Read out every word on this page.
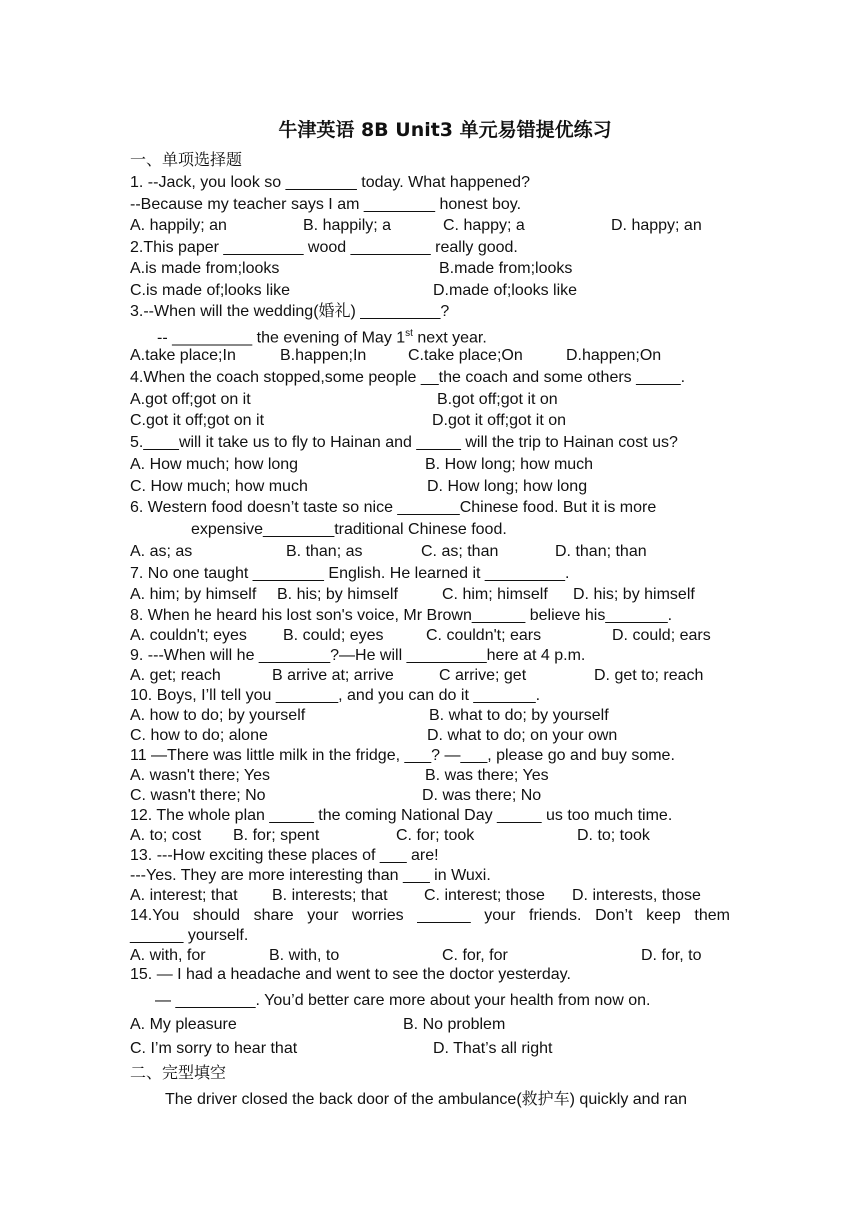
牛津英语 8B Unit3 单元易错提优练习
一、单项选择题
1. --Jack, you look so ________ today. What happened?
--Because my teacher says I am ________ honest boy.
A. happily; an	B. happily; a	C. happy; a	D. happy; an
2.This paper _________ wood _________ really good.
A.is made from;looks	B.made from;looks
C.is made of;looks like	D.made of;looks like
3.--When will the wedding(婚礼) _________?
-- _________ the evening of May 1st next year.
A.take place;In	B.happen;In	C.take place;On	D.happen;On
4.When the coach stopped,some people __the coach and some others _____.
A.got off;got on it	B.got off;got it on
C.got it off;got on it	D.got it off;got it on
5.____will it take us to fly to Hainan and _____ will the trip to Hainan cost us?
A. How much; how long	B. How long; how much
C. How much; how much	D. How long; how long
6. Western food doesn’t taste so nice _______Chinese food. But it is more
expensive________traditional Chinese food.
A. as; as	B. than; as	C. as; than	D. than; than
7. No one taught ________ English. He learned it _________.
A. him; by himself B. his; by himself	C. him; himself D. his; by himself
8. When he heard his lost son's voice, Mr Brown______ believe his_______.
A. couldn't; eyes B. could; eyes	C. couldn't; ears	D. could; ears
9. ---When will he ________?—He will _________here at 4 p.m.
A. get; reach	B arrive at; arrive	C arrive; get	D. get to; reach
10. Boys, I’ll tell you _______, and you can do it _______.
A. how to do; by yourself	B. what to do; by yourself
C. how to do; alone	D. what to do; on your own
11 —There was little milk in the fridge, ___? —___, please go and buy some.
A. wasn't there; Yes	B. was there; Yes
C. wasn't there; No	D. was there; No
12. The whole plan _____ the coming National Day _____ us too much time.
A. to; cost B. for; spent	C. for; took	D. to; took
13. ---How exciting these places of ___ are!
---Yes. They are more interesting than ___ in Wuxi.
A. interest; that B. interests; that C. interest; those D. interests, those
14.You should share your worries ______ your friends. Don’t keep them
______ yourself.
A. with, for	B. with, to	C. for, for	D. for, to
15. — I had a headache and went to see the doctor yesterday.
— _________. You’d better care more about your health from now on.
A. My pleasure	B. No problem
C. I’m sorry to hear that	D. That’s all right
二、完型填空
The driver closed the back door of the ambulance(救护车) quickly and ran
